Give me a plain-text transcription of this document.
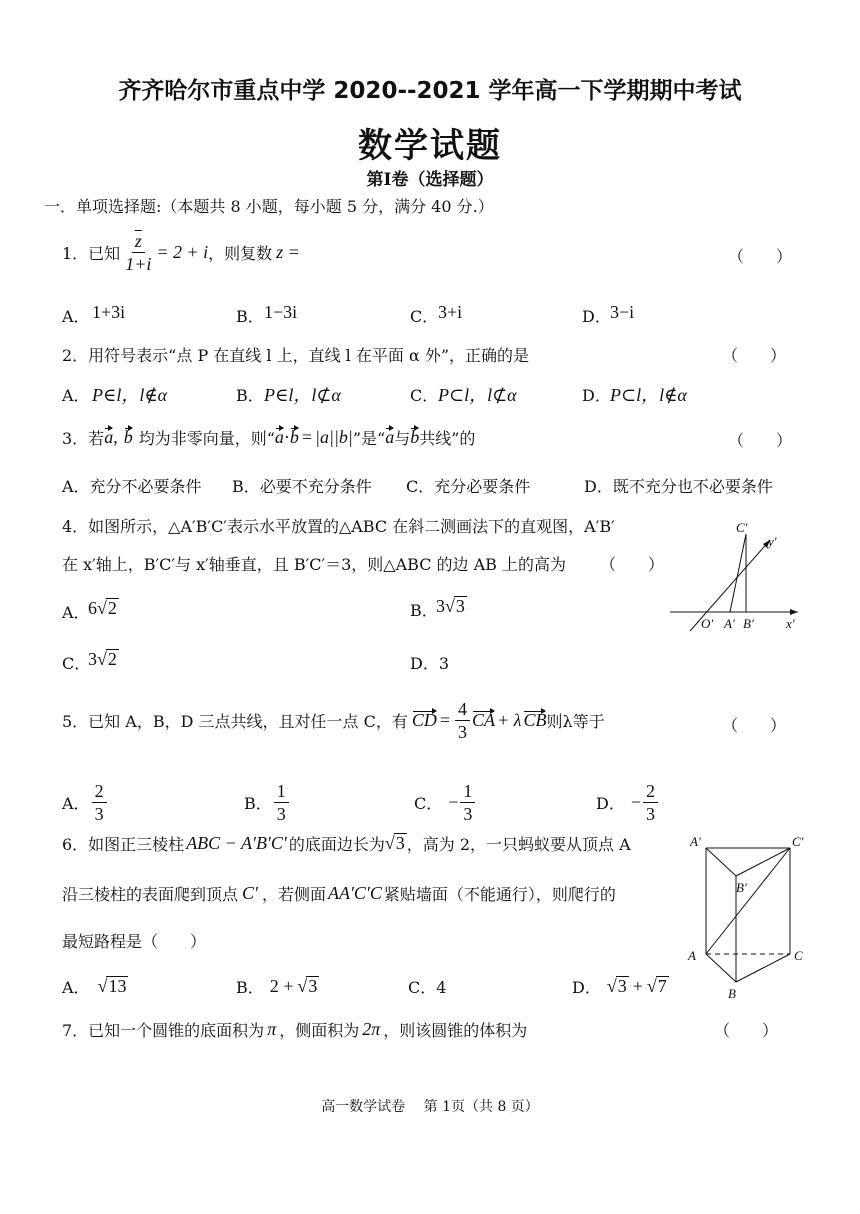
齐齐哈尔市重点中学 2020--2021 学年高一下学期期中考试
数学试题
第Ⅰ卷（选择题）
一．单项选择题:（本题共 8 小题，每小题 5 分，满分 40 分.）
1．已知 $\frac{\overline{z}}{1+i} = 2 + i$ ，则复数 z =	（　　）
A． 1+3i	B． 1−3i	C． 3+i	D． 3−i
2．用符号表示“点 P 在直线 l 上，直线 l 在平面 α 外”，正确的是	（　　）
A． P∈l，l∉α	B． P∈l，l⊄α	C． P⊂l，l⊄α	D． P⊂l，l∉α
3．若 a , b 均为非零向量，则“ a · b = |a| |b| ”是“ a 与 b 共线”的	（　　）
A．充分不必要条件 B．必要不充分条件 C．充分必要条件	D．既不充分也不必要条件
4．如图所示，△A′B′C′表示水平放置的△ABC 在斜二测画法下的直观图，A′B′
在 x′轴上，B′C′与 x′轴垂直，且 B′C′＝3，则△ABC 的边 AB 上的高为 （　　）
A．
6√2	B．
3√3
C．
3√2	D．3
C′
y′
O′ A′ B′ x′
5．已知 A，B，D 三点共线，且对任一点 C，有 CD = $\frac{4}{3}$ CA + λ CB 则λ等于	（　　）
A． $\frac{2}{3}$	B． $\frac{1}{3}$	C． − $\frac{1}{3}$	D． − $\frac{2}{3}$
6．如图正三棱柱 ABC − A′B′C′ 的底面边长为 √3 ，高为 2，一只蚂蚁要从顶点 A
沿三棱柱的表面爬到顶点 C′ ，若侧面 AA′C′C 紧贴墙面（不能通行），则爬行的
最短路程是（　　）
A． √13	B． 2 + √3	C．4	D． √3 + √7
A′	C′
B′
A	C
B
7．已知一个圆锥的底面积为 π ，侧面积为 2π ，则该圆锥的体积为	（　　）
高一数学试卷　 第 1页（共 8 页）
